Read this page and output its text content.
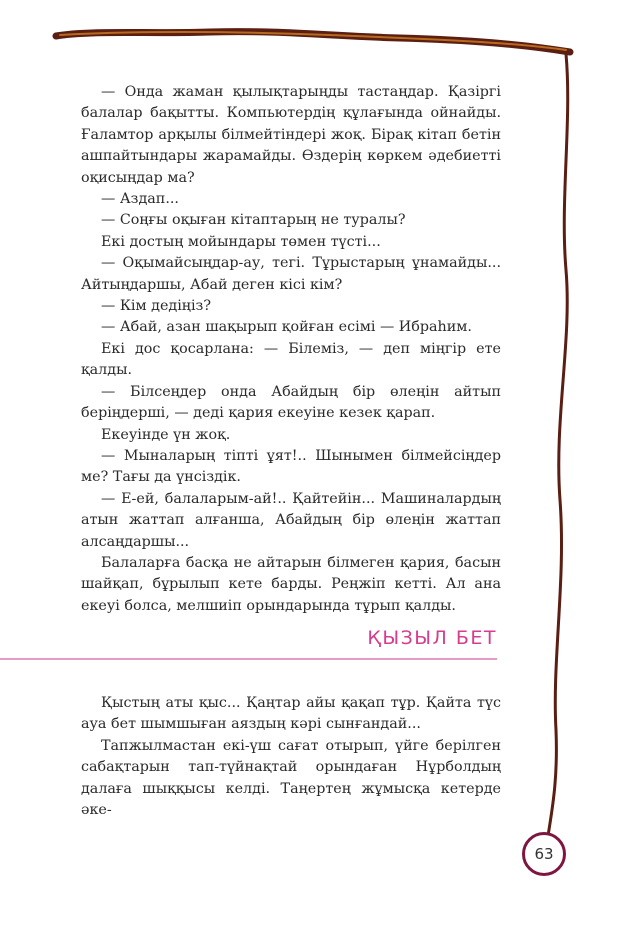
— Онда жаман қылықтарыңды тастаңдар. Қазіргі балалар бақытты. Компьютердің құлағында ойнайды. Ғаламтор арқылы білмейтіндері жоқ. Бірақ кітап бетін ашпайтындары жарамайды. Өздерің көркем әдебиетті оқисыңдар ма?

— Аздап...

— Соңғы оқыған кітаптарың не туралы?

Екі достың мойындары төмен түсті...

— Оқымайсыңдар-ау, тегі. Тұрыстарың ұнамайды... Айтыңдаршы, Абай деген кісі кім?

— Кім дедіңіз?

— Абай, азан шақырып қойған есімі — Ибраһим.

Екі дос қосарлана: — Білеміз, — деп міңгір ете қалды.

— Білсеңдер онда Абайдың бір өлеңін айтып беріңдерші, — деді қария екеуіне кезек қарап.

Екеуінде үн жоқ.

— Мыналарың тіпті ұят!.. Шынымен білмейсіңдер ме? Тағы да үнсіздік.

— Е-ей, балаларым-ай!.. Қайтейін... Машиналардың атын жаттап алғанша, Абайдың бір өлеңін жаттап алсаңдаршы...

Балаларға басқа не айтарын білмеген қария, басын шайқап, бұрылып кете барды. Реңжіп кетті. Ал ана екеуі болса, мелшиіп орындарында тұрып қалды.

ҚЫЗЫЛ БЕТ

Қыстың аты қыс... Қаңтар айы қақап тұр. Қайта түс ауа бет шымшыған аяздың кәрі сынғандай...

Тапжылмастан екі-үш сағат отырып, үйге берілген сабақтарын тап-түйнақтай орындаған Нұрболдың далаға шыққысы келді. Таңертең жұмысқа кетерде әке-

63
